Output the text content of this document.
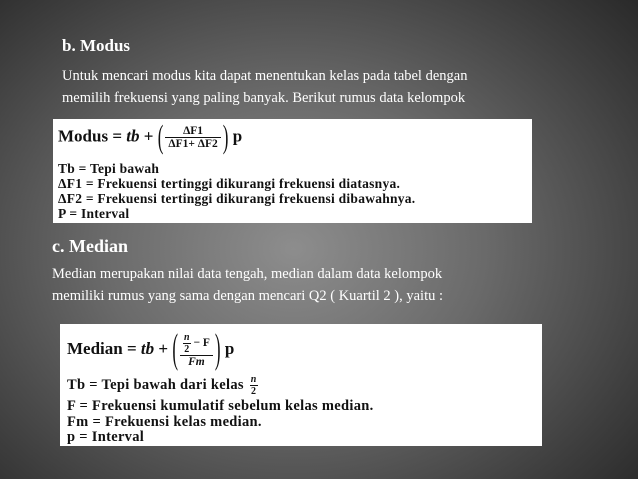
b. Modus
Untuk mencari modus kita dapat menentukan kelas pada tabel dengan
memilih frekuensi yang paling banyak. Berikut rumus data kelompok
Modus = tb + ( $\frac{\Delta F1}{\Delta F1+ \Delta F2}$ ) p
Tb = Tepi bawah
ΔF1 = Frekuensi tertinggi dikurangi frekuensi diatasnya.
ΔF2 = Frekuensi tertinggi dikurangi frekuensi dibawahnya.
P = Interval
c. Median
Median merupakan nilai data tengah, median dalam data kelompok
memiliki rumus yang sama dengan mencari Q2 ( Kuartil 2 ), yaitu :
Median = tb + ( $\frac{\frac{n}{2} - F}{Fm}$ ) p
Tb = Tepi bawah dari kelas $\frac{n}{2}$
F = Frekuensi kumulatif sebelum kelas median.
Fm = Frekuensi kelas median.
p = Interval
